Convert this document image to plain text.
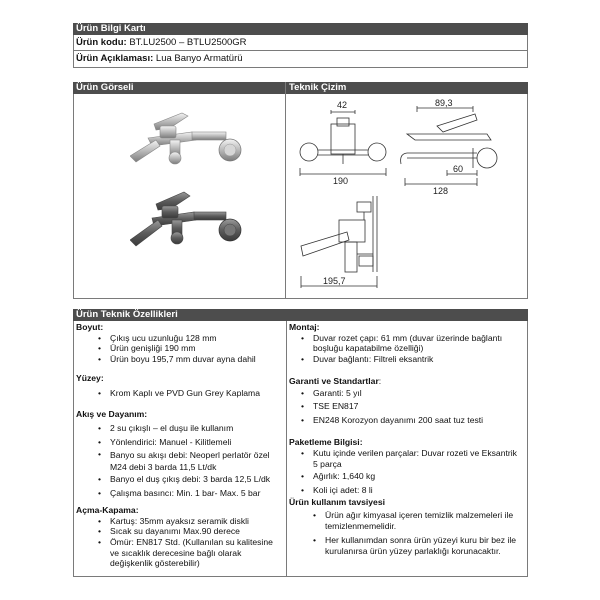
Ürün Bilgi Kartı
Ürün kodu: BT.LU2500 – BTLU2500GR
Ürün Açıklaması: Lua Banyo Armatürü
Ürün Görseli	Teknik Çizim
42
190
89,3
60
128
195,7
Ürün Teknik Özellikleri
Boyut:
• Çıkış ucu uzunluğu 128 mm
• Ürün genişliği 190 mm
• Ürün boyu 195,7 mm duvar ayna dahil
Yüzey:
• Krom Kaplı ve PVD Gun Grey Kaplama
Akış ve Dayanım:
• 2 su çıkışlı – el duşu ile kullanım
• Yönlendirici: Manuel - Kilitlemeli
• Banyo su akışı debi: Neoperl perlatör özel M24 debi 3 barda 11,5 Lt/dk
• Banyo el duş çıkış debi: 3 barda 12,5 L/dk
• Çalışma basıncı: Min. 1 bar- Max. 5 bar
Açma-Kapama:
• Kartuş: 35mm ayaksız seramik diskli
• Sıcak su dayanımı Max.90 derece
• Ömür: EN817 Std. (Kullanılan su kalitesine ve sıcaklık derecesine bağlı olarak değişkenlik gösterebilir)
Montaj:
• Duvar rozet çapı: 61 mm (duvar üzerinde bağlantı boşluğu kapatabilme özelliği)
• Duvar bağlantı: Filtreli eksantrik
Garanti ve Standartlar:
• Garanti: 5 yıl
• TSE EN817
• EN248 Korozyon dayanımı 200 saat tuz testi
Paketleme Bilgisi:
• Kutu içinde verilen parçalar: Duvar rozeti ve Eksantrik 5 parça
• Ağırlık: 1,640 kg
• Koli içi adet: 8 li
Ürün kullanım tavsiyesi
• Ürün ağır kimyasal içeren temizlik malzemeleri ile temizlenmemelidir.
• Her kullanımdan sonra ürün yüzeyi kuru bir bez ile kurulanırsa ürün yüzey parlaklığı korunacaktır.
